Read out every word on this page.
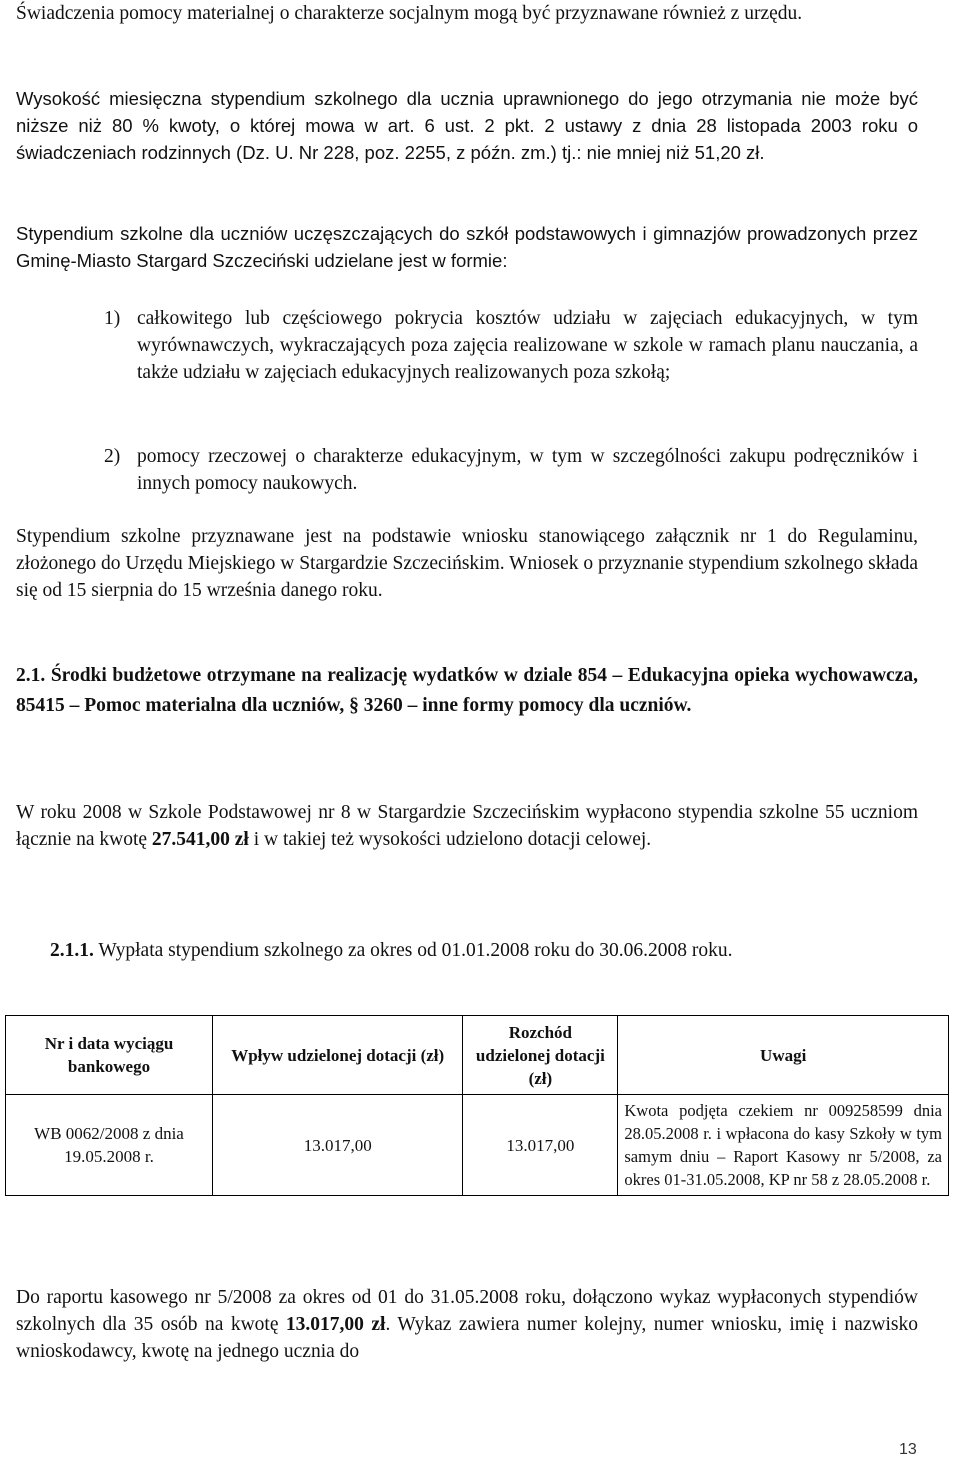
Świadczenia pomocy materialnej o charakterze socjalnym mogą być przyznawane również z urzędu.

Wysokość miesięczna stypendium szkolnego dla ucznia uprawnionego do jego otrzymania nie może być niższe niż 80 % kwoty, o której mowa w art. 6 ust. 2 pkt. 2 ustawy z dnia 28 listopada 2003 roku o świadczeniach rodzinnych (Dz. U. Nr 228, poz. 2255, z późn. zm.) tj.: nie mniej niż 51,20 zł.

Stypendium szkolne dla uczniów uczęszczających do szkół podstawowych i gimnazjów prowadzonych przez Gminę-Miasto Stargard Szczeciński udzielane jest w formie:

1) całkowitego lub częściowego pokrycia kosztów udziału w zajęciach edukacyjnych, w tym wyrównawczych, wykraczających poza zajęcia realizowane w szkole w ramach planu nauczania, a także udziału w zajęciach edukacyjnych realizowanych poza szkołą;
2) pomocy rzeczowej o charakterze edukacyjnym, w tym w szczególności zakupu podręczników i innych pomocy naukowych.

Stypendium szkolne przyznawane jest na podstawie wniosku stanowiącego załącznik nr 1 do Regulaminu, złożonego do Urzędu Miejskiego w Stargardzie Szczecińskim. Wniosek o przyznanie stypendium szkolnego składa się od 15 sierpnia do 15 września danego roku.

2.1. Środki budżetowe otrzymane na realizację wydatków w dziale 854 – Edukacyjna opieka wychowawcza, 85415 – Pomoc materialna dla uczniów, § 3260 – inne formy pomocy dla uczniów.

W roku 2008 w Szkole Podstawowej nr 8 w Stargardzie Szczecińskim wypłacono stypendia szkolne 55 uczniom łącznie na kwotę 27.541,00 zł i w takiej też wysokości udzielono dotacji celowej.

2.1.1. Wypłata stypendium szkolnego za okres od 01.01.2008 roku do 30.06.2008 roku.

Nr i data wyciągu bankowego	Wpływ udzielonej dotacji (zł)	Rozchód udzielonej dotacji (zł)	Uwagi
WB 0062/2008 z dnia 19.05.2008 r.	13.017,00	13.017,00	Kwota podjęta czekiem nr 009258599 dnia 28.05.2008 r. i wpłacona do kasy Szkoły w tym samym dniu – Raport Kasowy nr 5/2008, za okres 01-31.05.2008, KP nr 58 z 28.05.2008 r.

Do raportu kasowego nr 5/2008 za okres od 01 do 31.05.2008 roku, dołączono wykaz wypłaconych stypendiów szkolnych dla 35 osób na kwotę 13.017,00 zł. Wykaz zawiera numer kolejny, numer wniosku, imię i nazwisko wnioskodawcy, kwotę na jednego ucznia do

13
